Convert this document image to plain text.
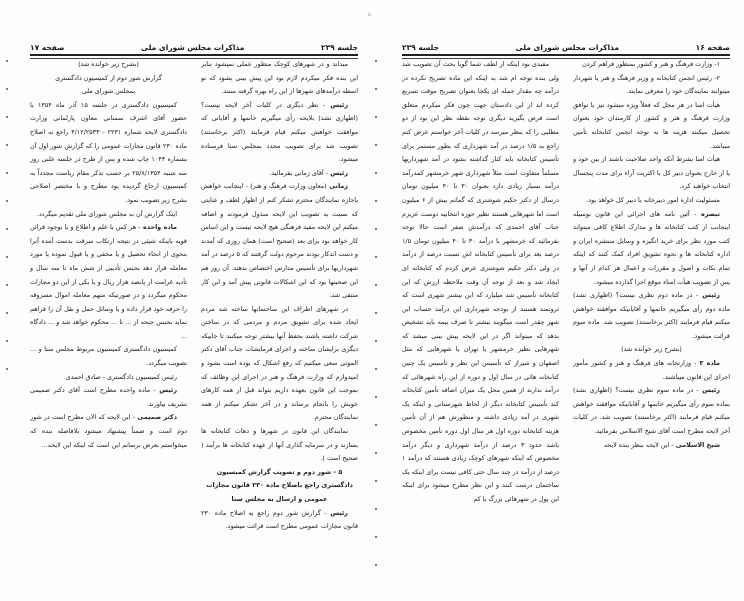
۵۰
جلسه ۲۳۹
مذاکرات مجلس شورای ملی
صفحه ۱۷

میداند و در شهرهای کوچک منظور عملی نمیشود بنابر این بنده فکر میکردم لازم بود این پیش بینی بشود که تو اسطه درآمدهای شهرها از این راه بهره گرفته ستند.

رئیس - نظر دیگری در کلیات آخر لایحه نیست؟ (اظهاری نشد) بلایحه رأی میگیریم خانمها و آقایانی که موافقت خواهش میکنم قیام فرمایند (اکثر برخاستند) تصویب شد برای تصویب مجدد بمجلس سنا فرستاده میشود.

رئیس - آقای زمانی بفرمائید.

زمانی (معاون وزارت فرهنگ و هنر) - اینجانب خواهش باجازه نمایندگان محترم تشکر کنم از اظهار لطف و عنایتی که نسبت به تصویب این لایحه مبذول فرمودند و اضافه میکنم این لایحه مفید فرهنگی هیچ لایحه نیست و این اساس کار خواهد بود برای بعد (صحیح است) همان روزی که آمدند و دست اندکار بودند مرحوم دولت گرفتند که ۵ درصد در آمد شهرداریها برای تأسیس مدارس اختصاص بدهند. آن روز هم این صحبتها بود که این اشکالات قانونی پیش آمد و این کار منتفی شد.

در شهرهای اطراف این ساختمانها ساخته شد مردم ایجاد شده برای تشویق مردم و مردمی که در ساختن شرکت داشته باشند بحفظ آنها بیشتر توجه میکنند تا جاییکه دیگری برایشان ساخته و اجرای فرمایشات جناب آقای دکتر الموتی سعی میکنیم که رفع اشکال که بوده است بشود و امیدوارم که وزارت فرهنگ و هنر در اجرای این وظائف که بموجب این قانون بعهده داریم بتواند قبل از همه کارهای خوبش را بانجام برساند و در آخر تشکر میکنم از همه نمایندگان محترم.

نمایندگان این قانون در شهرها و دهات کتابخانه ها بسازند و در سرمایه گذاری آنها از عهده کتابخانه ها برآیند ( صحیح است ).

۵ - شور دوم و تصویب گزارش کمیسیون دادگستری راجع باصلاح ماده ۲۳۰ قانون مجازات عمومی و ارسال به مجلس سنا

رئیس - گزارش شور دوم راجع به اصلاح ماده ۲۳۰ قانون مجازات عمومی مطرح است قرائت میشود.

(بشرح زیر خوانده شد)

گزارش شور دوم از کمیسیون دادگستری

بمجلس شورای ملی

کمیسیون دادگستری در جلسه ۱۵ آذر ماه ۱۳۵۴ با حضور آقای اشرف سمنانی معاون پارلمانی وزارت دادگستری لایحه شماره ۲۲۳۱ - ۴/۱۲/۲۵۳۳ راجع به اصلاح ماده ۲۳۰ قانون مجازات عمومی را که گزارش شور اول آن بشماره ۱۰۴۳ چاپ شده و پس از طرح در جلسه علنی روز سه شنبه ۲۵/۸/۱۳۵۴ بر حسب تذکر مقام ریاست مجدداً به کمیسیون ارجاع گردیده بود مطرح و با مختصر اصلاحی بشرح زیر تصویب نمود.

اینک گزارش آن به مجلس شورای ملی تقدیم میگردد.

ماده واحده - هر کس با علم و اطلاع و یا بوجود قرائن قویه باینکه شیئی در نتیجه ارتکاب سرقت بدست آمده آنرا بنحوی از انحاء تحصیل و یا مخفی و یا قبول نموده یا مورد معامله قرار دهد بحبس تأدیبی از شش ماه تا سه سال و تأدیه غرامت از پانصد هزار ریال و یا یکی از این دو مجازات محکوم میگردد و در صورتیکه متهم معامله اموال مسروقه را حرفه خود قرار داده و یا وسائل حمل و نقل آن را فراهم نماید بحبس جنحه از ... تا ... محکوم خواهد شد و ... دادگاه ...

کمیسیون دادگستری کمیسیون مربوط مجلس سنا و ... تصویب میگردد.

رئیس کمیسیون دادگستری - صادق احمدی

رئیس - ماده واحده مطرح است آقای دکتر صمیمی تشریف بیاورند.

دکتر صمیمی - این لایحه که الان مطرح است در شور دوم است و ضمناً پیشنهاد میشود بلافاصله بنده که میخواستم بعرض برسانم این است که اینکه این لایحه...

صفحه ۱۶
مذاکرات مجلس شورای ملی
جلسه ۲۳۹

۱- وزارت فرهنگ و هنر و کشور بمنظور فراهم کردن

۲- رئیس انجمن کتابخانه و وزیر فرهنگ و هنر یا شهردار میتوانند نمایندگان خود را معرفی نمایند.

هیأت امنا در هر محل که فعلاً ویژه میشود نیز با توافق وزارت فرهنگ و هنر و کشور از کارمندان خود بعنوان تحصیل میکنند هزینه ها به توجه انجمن کتابخانه تأمین میباشد.

هیأت امنا بشرط آنکه واجد صلاحیت باشند از بین خود و یا از خارج بعنوان دبیر کل با اکثریت آراء برای مدت پنجسال انتخاب خواهند کرد.

مسئولیت اداره امور دبیرخانه با دبیر کل خواهد بود.

تبصره - آئین نامه های اجرائی این قانون بوسیله اینجانب از کتب کتابخانه ها و مدارک اطلاع کافی میتواند کتب مورد نظر برای خرید انگیزه و وسایل منتشره ایران و اداره کتابخانه ها و نحوه تشویق افراد کمک کنند که اینکه تمام نکات و اصول و مقررات و اعمال هر کدام از آنها و پس از تصویب هیأت امناء موقع اجرا گذارده میشود.

رئیس - در ماده دوم نظری نیست؟ (اظهاری نشد) ماده دوم رأی میگیریم خانمها و آقایانیکه موافقند خواهش میکنم قیام فرمایند (اکثر برخاستند) تصویب شد. ماده سوم قرائت میشود.

(بشرح زیر خوانده شد)

ماده ۳ - وزارتخانه های فرهنگ و هنر و کشور مأمور اجرای این قانون میباشند.

رئیس - در ماده سوم نظری نیست؟ (اظهاری نشد) بماده سوم رأی میگیریم خانمها و آقایانیکه موافقند خواهش میکنم قیام فرمایند (اکثر برخاستند) تصویب شد. در کلیات آخر لایحه مطرح است آقای شیخ الاسلامی بفرمائید.

شیخ الاسلامی - این لایحه بنظر بنده لایحه

مفیدی بود اینکه از لطف شما گویا بحث آن تصویب شد ولی بنده توجه ام شد به اینکه این ماده تصریح نکرده در درآمد چه مقدار جمله ای یکجا بعنوان تصریح موقت تسریع کرده اند از این دادستان جهت چون فکر میکردم متعلق است فرض بگیرید دیگری توجه نقطه نظر این بود از دو مطلبی را که بنظر میرسد در کلیات آخر خواستم عرض کنم راجع به ۱/۵ درصد در آمد شهرداری که بطور مستمر برای تأسیس کتابخانه باید کنار گذاشته بشود در آمد شهرداریها مسلماً متفاوت است مثلاً شهرداری شهر خرمشهر کمدرآمد درآمد بسیار زیادی دارد بعنوان ۳۰ تا ۴۰ میلیون تومان درسال از دکتر حکیم شوشتری که گمانم بیش از ۶ میلیون است اما شهرهایی هستند نظیر حوزه انتخابیه دوست عزیزم جناب آقای احمدی که درآمدش صفر است حالا توجه بفرمائید که خرمشهر با درآمد ۳۰ تا ۴۰ میلیون تومان ۱/۵ درصد بعد برای تأسیس کتابخانه اش نسبت درصد از درآمد در ولی دکتر حکیم شوشتری عرض کردم که کتابخانه ای ایجاد شد و بعد از توجه آن وقت ملاحظه ارزش که این کتابخانه تأسیس شد میلیارد که این بیشتر شهری است که ثروتمند هستند از بودجه شهرداری این درآمد حساب این شهر چقدر است میگویند بیشتر تا صرف بیمه باید تشخیص بدهد که میتواند اگر در این لایحه پیش بینی میشد که شهرهایی نظیر خرمشهر یا تهران یا شهرهایی که مثل اصفهان و شیراز که تأسیس این نظر و تأسیس یک چنین کتابخانه هائی در سال اول و دوره از این راه شهرهائی که درآمد ندارند از همین محل یک میزان اضافه تأمین کتابخانه کند تأسیس کتابخانه دیگر از لحاظ شهرستانی و اینکه یک شهری در آمد زیادی داشته و منطورش هم از آن تأمین هزینه کتابخانه دوره اول هر سال اول دوره تأمین مخصوص باشد حدود ۳ درصد از درآمد شهرداری و دیگر درآمد مخصوص که اینکه شهرهای کوچک زیادی هستند که درآمد ۱ درصد از درآمد در چند سال حتی کافی نیست برای اینکه یک ساختمان درست کنند و این نظر مطرح میشود برای اینکه این پول در شهرهائی بزرگ با کم
